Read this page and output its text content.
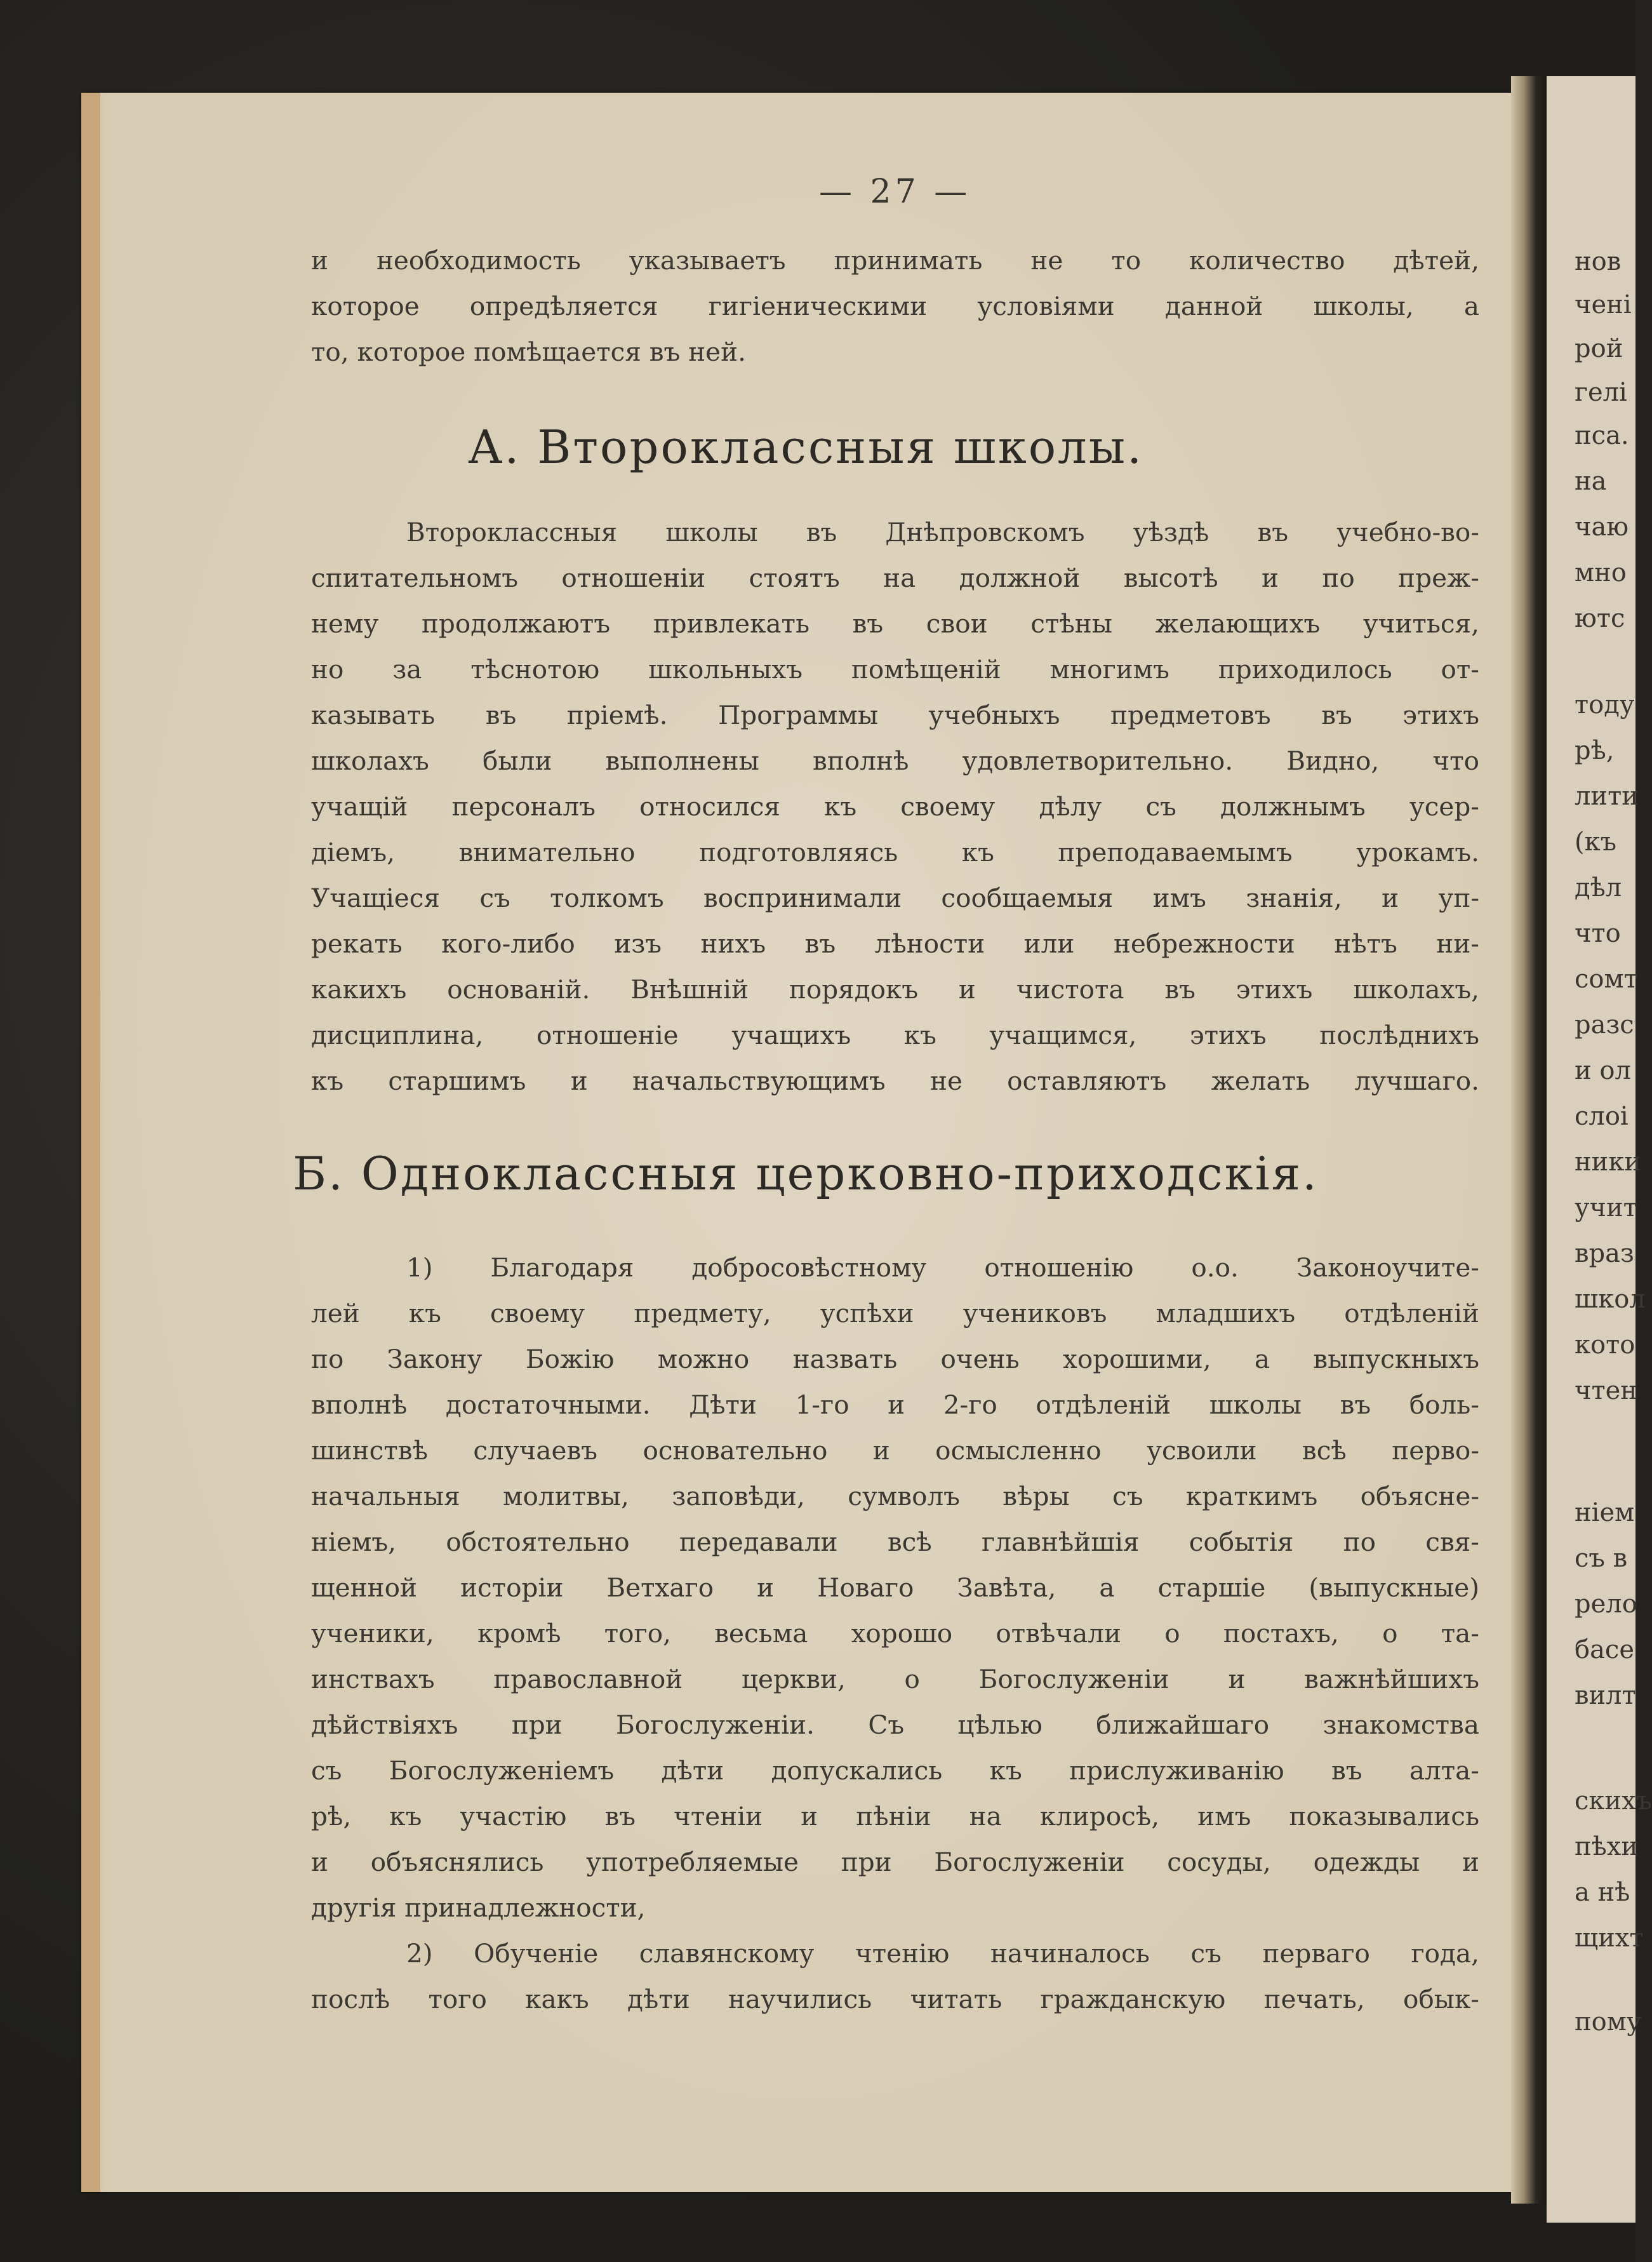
нов
чені
рой
гелі
пса.
на
чаю
мно
ютс
тоду
рѣ,
лити
(къ
дѣл
что
сомт
разс
и ол
слоі
ники
учит
враз
школ
кото
чтен
ніем
съ в
рело
басе
вилт
скихъ
пѣхи
а нѣ
щихт
пому
— 27 —
и необходимость указываетъ принимать не то количество дѣтей,
которое опредѣляется гигіеническими условіями данной школы, а
то, которое помѣщается въ ней.
А. Второклассныя школы.
Второклассныя школы въ Днѣпровскомъ уѣздѣ въ учебно-во-
спитательномъ отношеніи стоятъ на должной высотѣ и по преж-
нему продолжаютъ привлекать въ свои стѣны желающихъ учиться,
но за тѣснотою школьныхъ помѣщеній многимъ приходилось от-
казывать въ пріемѣ. Программы учебныхъ предметовъ въ этихъ
школахъ были выполнены вполнѣ удовлетворительно. Видно, что
учащій персоналъ относился къ своему дѣлу съ должнымъ усер-
діемъ, внимательно подготовляясь къ преподаваемымъ урокамъ.
Учащіеся съ толкомъ воспринимали сообщаемыя имъ знанія, и уп-
рекать кого-либо изъ нихъ въ лѣности или небрежности нѣтъ ни-
какихъ основаній. Внѣшній порядокъ и чистота въ этихъ школахъ,
дисциплина, отношеніе учащихъ къ учащимся, этихъ послѣднихъ
къ старшимъ и начальствующимъ не оставляютъ желать лучшаго.
Б. Одноклассныя церковно-приходскія.
1) Благодаря добросовѣстному отношенію о.о. Законоучите-
лей къ своему предмету, успѣхи учениковъ младшихъ отдѣленій
по Закону Божію можно назвать очень хорошими, а выпускныхъ
вполнѣ достаточными. Дѣти 1-го и 2-го отдѣленій школы въ боль-
шинствѣ случаевъ основательно и осмысленно усвоили всѣ перво-
начальныя молитвы, заповѣди, сумволъ вѣры съ краткимъ объясне-
ніемъ, обстоятельно передавали всѣ главнѣйшія событія по свя-
щенной исторіи Ветхаго и Новаго Завѣта, а старшіе (выпускные)
ученики, кромѣ того, весьма хорошо отвѣчали о постахъ, о та-
инствахъ православной церкви, о Богослуженіи и важнѣйшихъ
дѣйствіяхъ при Богослуженіи. Съ цѣлью ближайшаго знакомства
съ Богослуженіемъ дѣти допускались къ прислуживанію въ алта-
рѣ, къ участію въ чтеніи и пѣніи на клиросѣ, имъ показывались
и объяснялись употребляемые при Богослуженіи сосуды, одежды и
другія принадлежности,
2) Обученіе славянскому чтенію начиналось съ перваго года,
послѣ того какъ дѣти научились читать гражданскую печать, обык-
